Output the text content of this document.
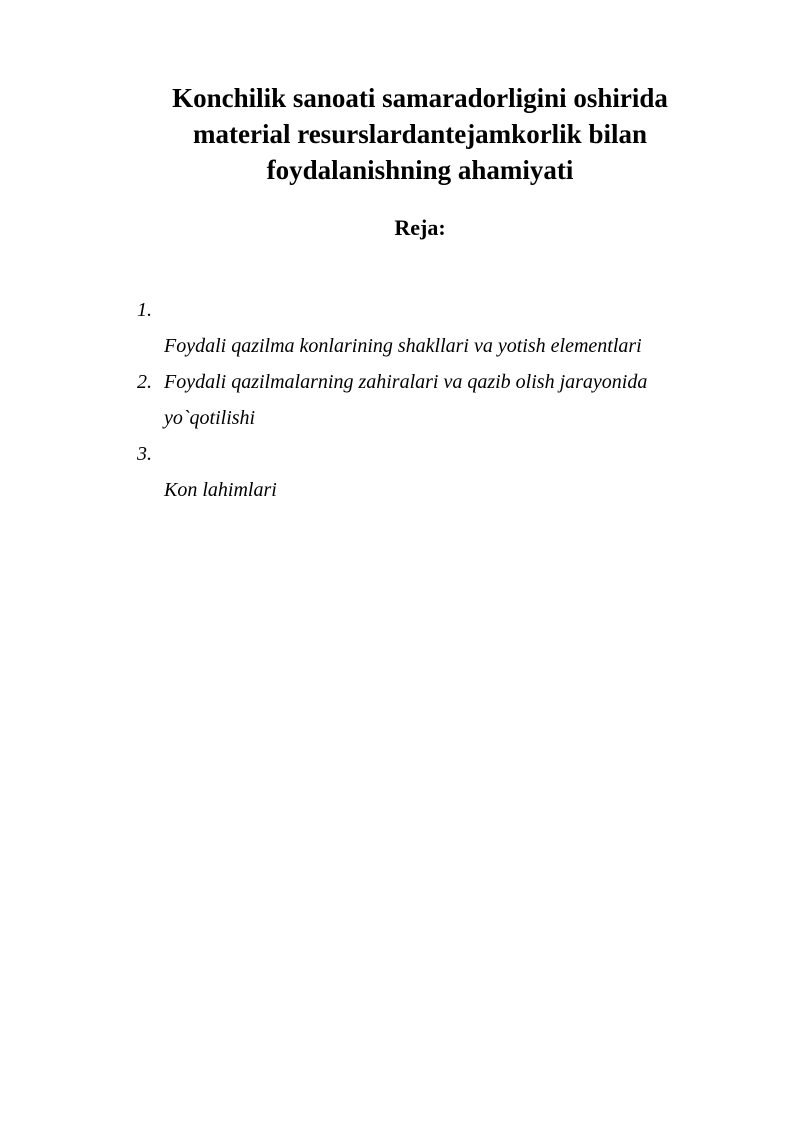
Konchilik sanoati samaradorligini oshirida
material resurslardantejamkorlik bilan
foydalanishning ahamiyati
Reja:
1.
Foydali qazilma konlarining shakllari va yotish elementlari
2. Foydali qazilmalarning zahiralari va qazib olish jarayonida
yo`qotilishi
3.
Kon lahimlari
